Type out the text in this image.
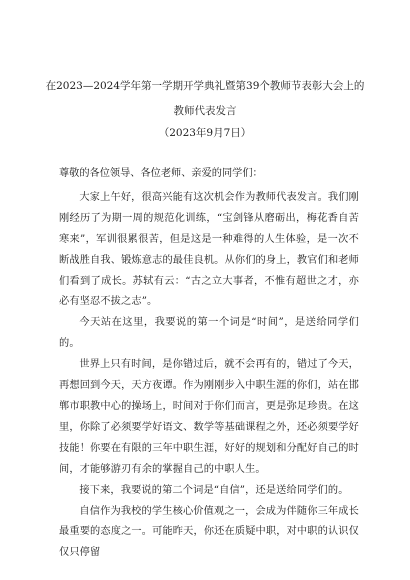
在2023—2024学年第一学期开学典礼暨第39个教师节表彰大会上的
教师代表发言
（2023年9月7日）

尊敬的各位领导、各位老师、亲爱的同学们：

大家上午好，很高兴能有这次机会作为教师代表发言。我们刚刚经历了为期一周的规范化训练，“宝剑锋从磨砺出，梅花香自苦寒来”，军训很累很苦，但是这是一种难得的人生体验，是一次不断战胜自我、锻炼意志的最佳良机。从你们的身上，教官们和老师们看到了成长。苏轼有云：“古之立大事者，不惟有超世之才，亦必有坚忍不拔之志”。

今天站在这里，我要说的第一个词是“时间”，是送给同学们的。

世界上只有时间，是你错过后，就不会再有的，错过了今天，再想回到今天，天方夜谭。作为刚刚步入中职生涯的你们，站在邯郸市职教中心的操场上，时间对于你们而言，更是弥足珍贵。在这里，你除了必须要学好语文、数学等基础课程之外，还必须要学好技能！你要在有限的三年中职生涯，好好的规划和分配好自己的时间，才能够游刃有余的掌握自己的中职人生。

接下来，我要说的第二个词是“自信”，还是送给同学们的。

自信作为我校的学生核心价值观之一，会成为伴随你三年成长最重要的态度之一。可能昨天，你还在质疑中职，对中职的认识仅仅只停留
